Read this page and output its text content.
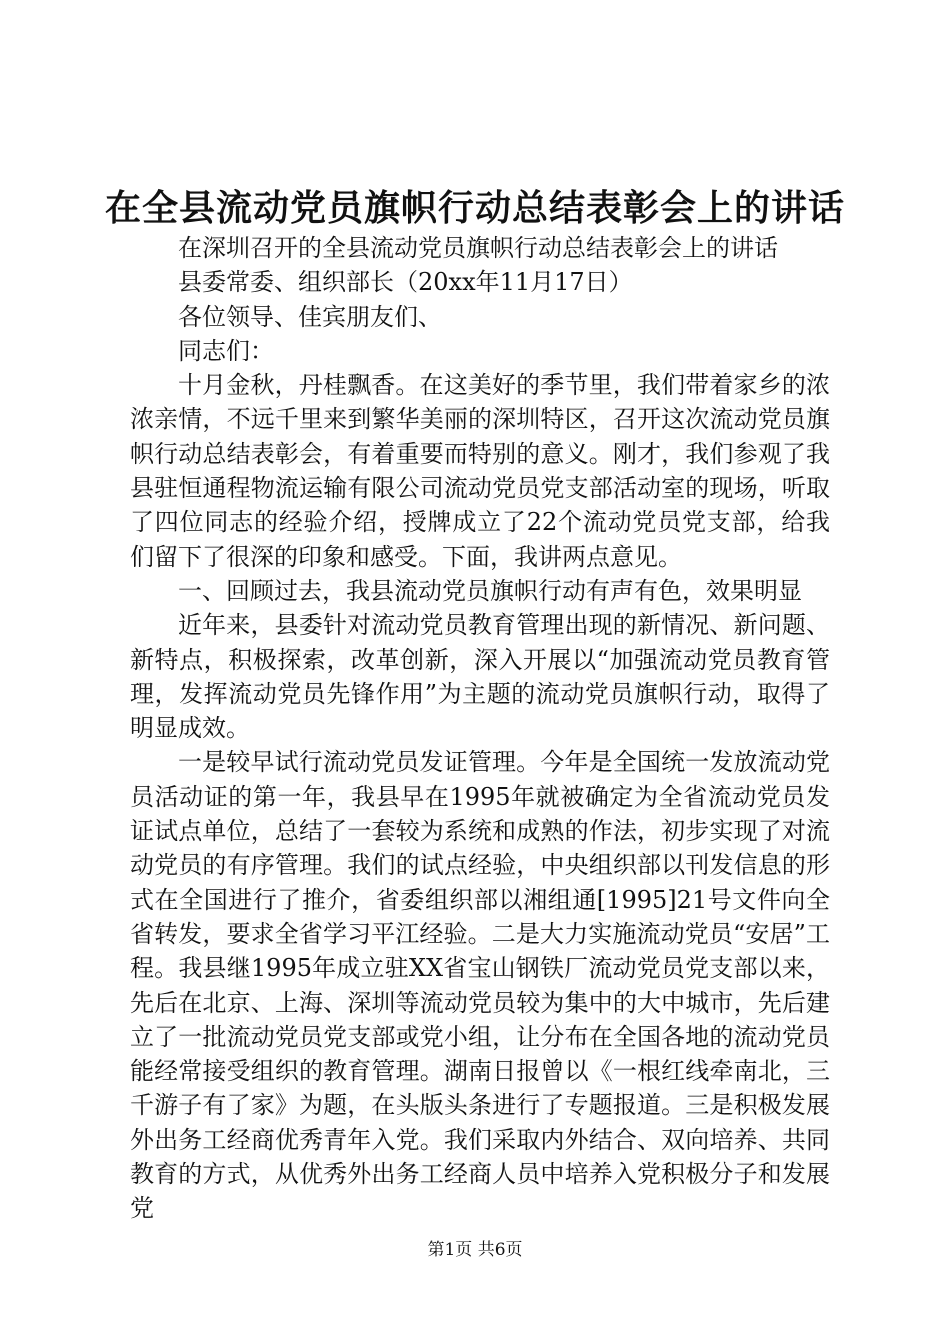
在全县流动党员旗帜行动总结表彰会上的讲话

在深圳召开的全县流动党员旗帜行动总结表彰会上的讲话

县委常委、组织部长（20xx年11月17日）

各位领导、佳宾朋友们、

同志们：

十月金秋，丹桂飘香。在这美好的季节里，我们带着家乡的浓浓亲情，不远千里来到繁华美丽的深圳特区，召开这次流动党员旗帜行动总结表彰会，有着重要而特别的意义。刚才，我们参观了我县驻恒通程物流运输有限公司流动党员党支部活动室的现场，听取了四位同志的经验介绍，授牌成立了22个流动党员党支部，给我们留下了很深的印象和感受。下面，我讲两点意见。

一、回顾过去，我县流动党员旗帜行动有声有色，效果明显

近年来，县委针对流动党员教育管理出现的新情况、新问题、新特点，积极探索，改革创新，深入开展以“加强流动党员教育管理，发挥流动党员先锋作用”为主题的流动党员旗帜行动，取得了明显成效。

一是较早试行流动党员发证管理。今年是全国统一发放流动党员活动证的第一年，我县早在1995年就被确定为全省流动党员发证试点单位，总结了一套较为系统和成熟的作法，初步实现了对流动党员的有序管理。我们的试点经验，中央组织部以刊发信息的形式在全国进行了推介，省委组织部以湘组通[1995]21号文件向全省转发，要求全省学习平江经验。二是大力实施流动党员“安居”工程。我县继1995年成立驻XX省宝山钢铁厂流动党员党支部以来，先后在北京、上海、深圳等流动党员较为集中的大中城市，先后建立了一批流动党员党支部或党小组，让分布在全国各地的流动党员能经常接受组织的教育管理。湖南日报曾以《一根红线牵南北，三千游子有了家》为题，在头版头条进行了专题报道。三是积极发展外出务工经商优秀青年入党。我们采取内外结合、双向培养、共同教育的方式，从优秀外出务工经商人员中培养入党积极分子和发展党

第1页 共6页
